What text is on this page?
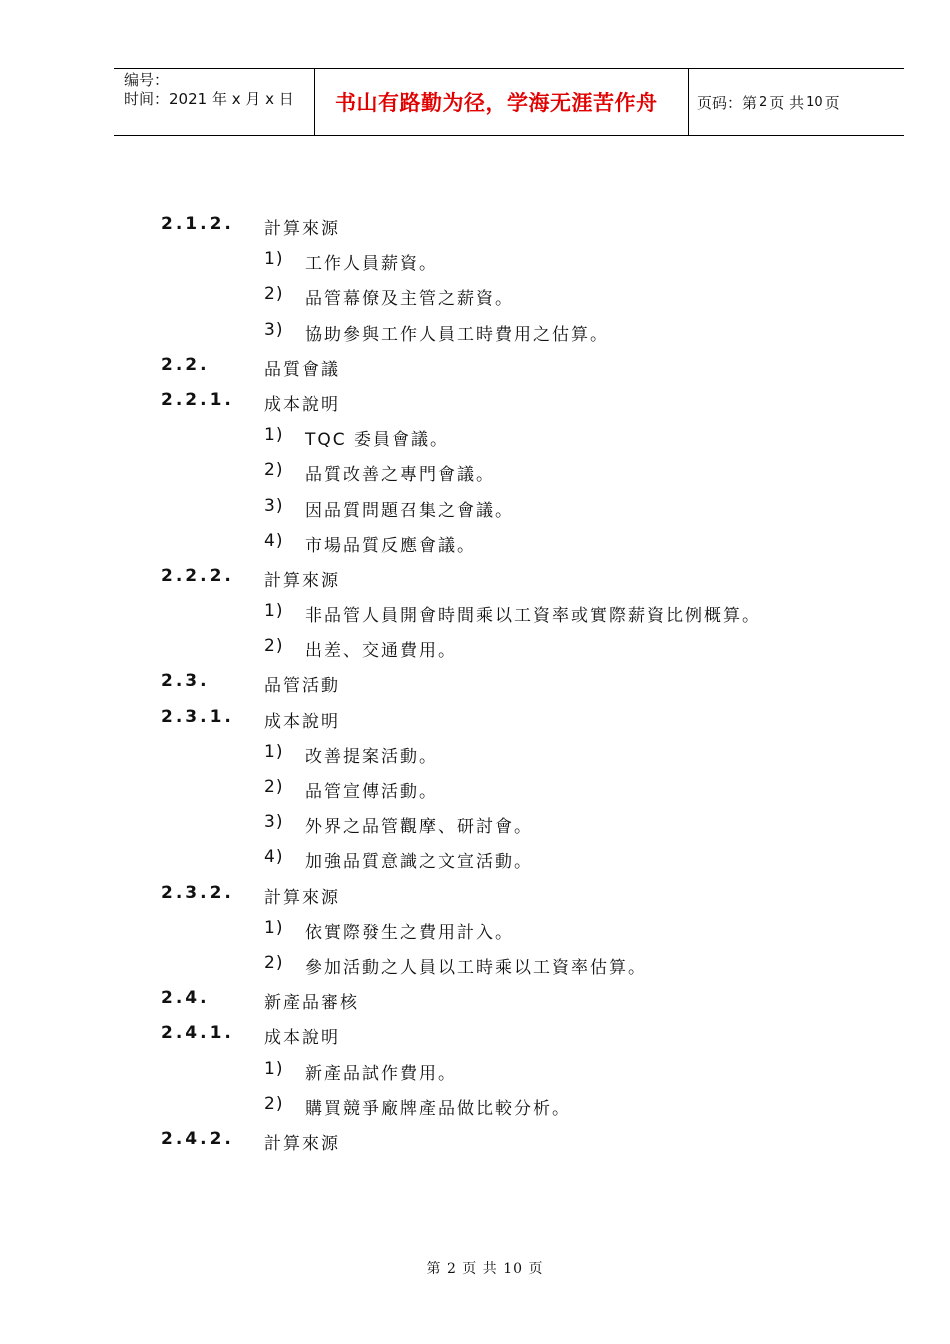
编号：
时间：2021 年 x 月 x 日	书山有路勤为径，学海无涯苦作舟	页码：第 2 页 共 10 页
2.1.2. 計算來源
1) 工作人員薪資。
2) 品管幕僚及主管之薪資。
3) 協助參與工作人員工時費用之估算。
2.2.	品質會議
2.2.1. 成本說明
1) TQC 委員會議。
2) 品質改善之專門會議。
3) 因品質問題召集之會議。
4) 市場品質反應會議。
2.2.2. 計算來源
1) 非品管人員開會時間乘以工資率或實際薪資比例概算。
2) 出差、交通費用。
2.3.	品管活動
2.3.1. 成本說明
1) 改善提案活動。
2) 品管宣傳活動。
3) 外界之品管觀摩、研討會。
4) 加強品質意識之文宣活動。
2.3.2. 計算來源
1) 依實際發生之費用計入。
2) 參加活動之人員以工時乘以工資率估算。
2.4.	新產品審核
2.4.1. 成本說明
1) 新產品試作費用。
2) 購買競爭廠牌產品做比較分析。
2.4.2. 計算來源
第 2 页 共 10 页
